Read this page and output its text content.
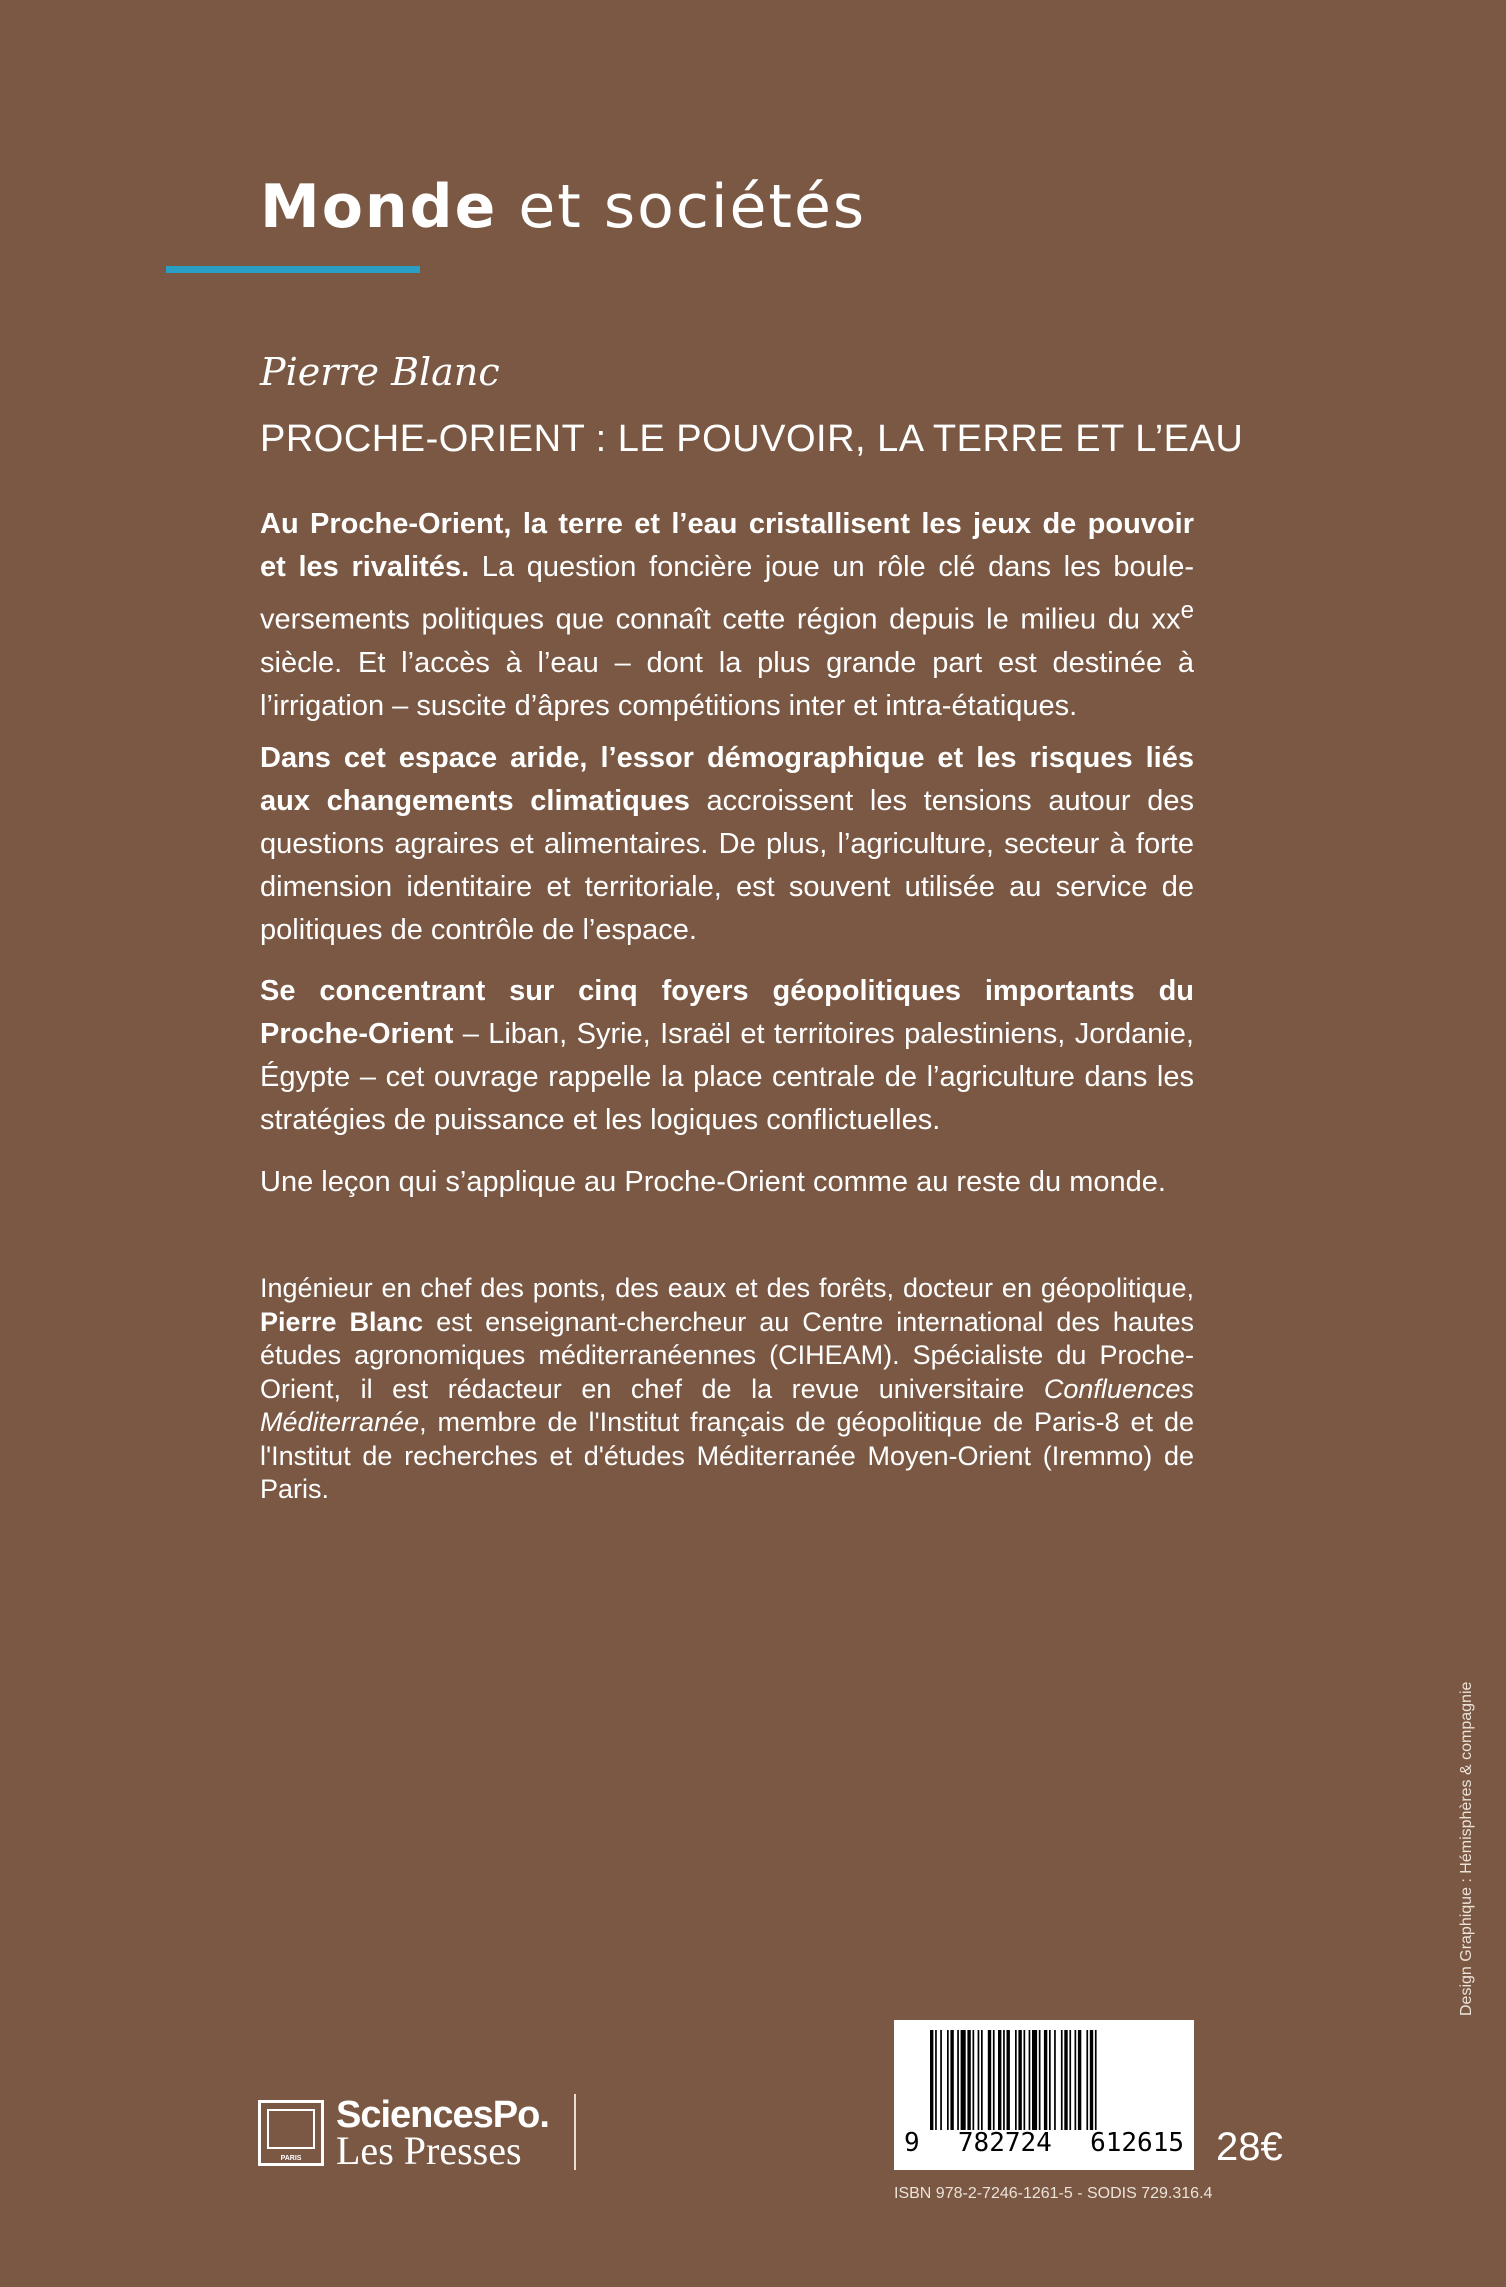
Monde et sociétés
Pierre Blanc
PROCHE-ORIENT : LE POUVOIR, LA TERRE ET L’EAU
Au Proche-Orient, la terre et l’eau cristallisent les jeux de pouvoir et les rivalités. La question foncière joue un rôle clé dans les boule- versements politiques que connaît cette région depuis le milieu du $xx^e$ siècle. Et l’accès à l’eau – dont la plus grande part est destinée à l’irrigation – suscite d’âpres compétitions inter et intra-étatiques.
Dans cet espace aride, l’essor démographique et les risques liés aux changements climatiques accroissent les tensions autour des questions agraires et alimentaires. De plus, l’agriculture, secteur à forte dimension identitaire et territoriale, est souvent utilisée au service de politiques de contrôle de l’espace.
Se concentrant sur cinq foyers géopolitiques importants du Proche-Orient – Liban, Syrie, Israël et territoires palestiniens, Jordanie, Égypte – cet ouvrage rappelle la place centrale de l’agriculture dans les stratégies de puissance et les logiques conflictuelles.
Une leçon qui s’applique au Proche-Orient comme au reste du monde.
Ingénieur en chef des ponts, des eaux et des forêts, docteur en géopolitique, Pierre Blanc est enseignant-chercheur au Centre international des hautes études agronomiques méditerranéennes (CIHEAM). Spécialiste du Proche-Orient, il est rédacteur en chef de la revue universitaire Confluences Méditerranée, membre de l'Institut français de géopolitique de Paris-8 et de l'Institut de recherches et d'études Méditerranée Moyen-Orient (Iremmo) de Paris.
Design Graphique : Hémisphères & compagnie
PARIS
SciencesPo.
Les Presses	9 782724 612615
ISBN 978-2-7246-1261-5 - SODIS 729.316.4
28€
